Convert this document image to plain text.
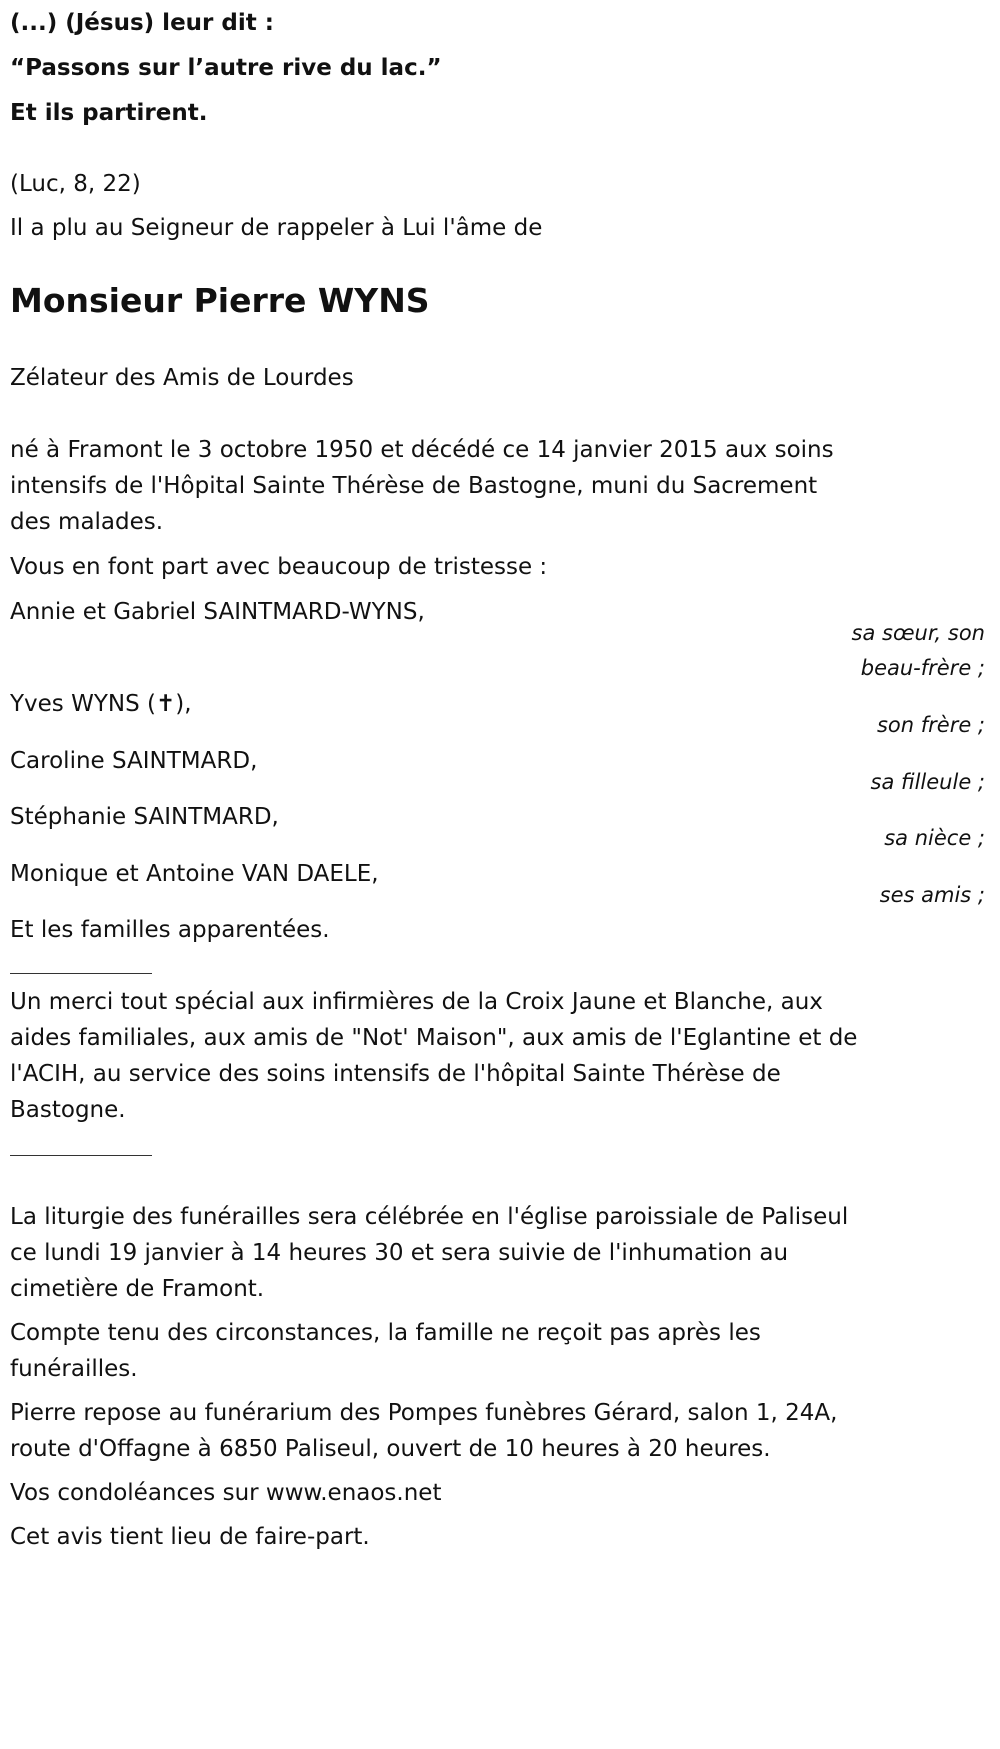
(...) (Jésus) leur dit :

“Passons sur l’autre rive du lac.”

Et ils partirent.

(Luc, 8, 22)

Il a plu au Seigneur de rappeler à Lui l'âme de

Monsieur Pierre WYNS

Zélateur des Amis de Lourdes

né à Framont le 3 octobre 1950 et décédé ce 14 janvier 2015 aux soins

intensifs de l'Hôpital Sainte Thérèse de Bastogne, muni du Sacrement

des malades.

Vous en font part avec beaucoup de tristesse :

Annie et Gabriel SAINTMARD-WYNS,

sa sœur, son

beau-frère ;

Yves WYNS (✝),

son frère ;

Caroline SAINTMARD,

sa filleule ;

Stéphanie SAINTMARD,

sa nièce ;

Monique et Antoine VAN DAELE,

ses amis ;

Et les familles apparentées.

Un merci tout spécial aux infirmières de la Croix Jaune et Blanche, aux

aides familiales, aux amis de "Not' Maison", aux amis de l'Eglantine et de

l'ACIH, au service des soins intensifs de l'hôpital Sainte Thérèse de

Bastogne.

La liturgie des funérailles sera célébrée en l'église paroissiale de Paliseul

ce lundi 19 janvier à 14 heures 30 et sera suivie de l'inhumation au

cimetière de Framont.

Compte tenu des circonstances, la famille ne reçoit pas après les

funérailles.

Pierre repose au funérarium des Pompes funèbres Gérard, salon 1, 24A,

route d'Offagne à 6850 Paliseul, ouvert de 10 heures à 20 heures.

Vos condoléances sur www.enaos.net

Cet avis tient lieu de faire-part.
